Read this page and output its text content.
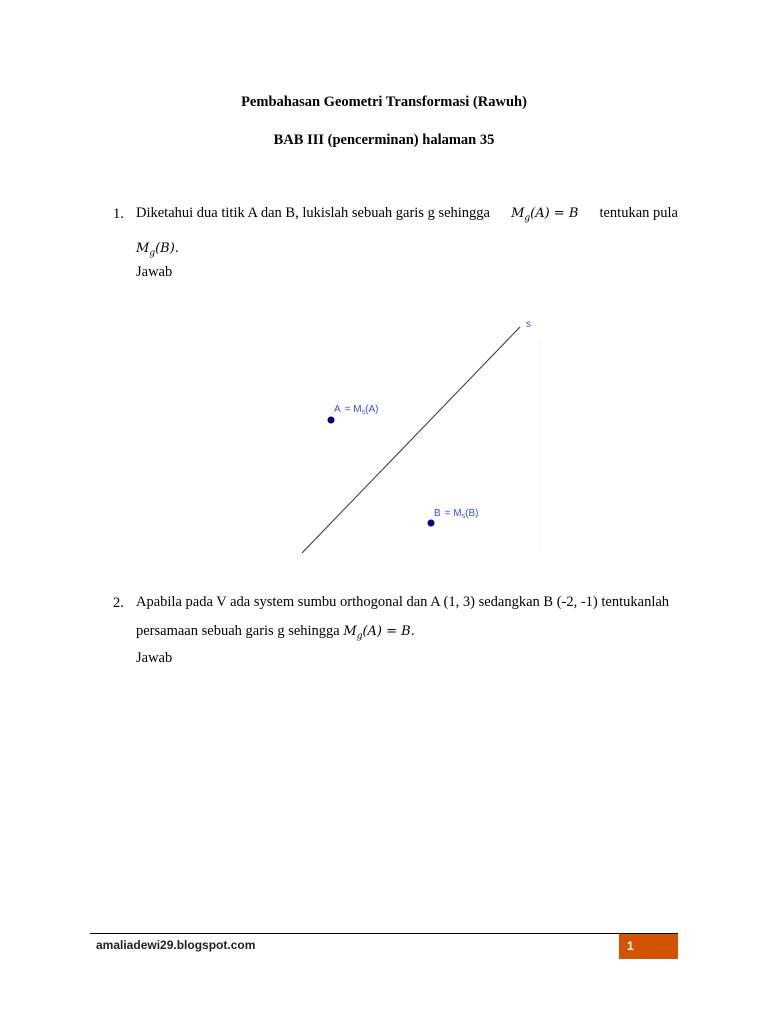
Pembahasan Geometri Transformasi (Rawuh)
BAB III (pencerminan) halaman 35
1. Diketahui dua titik A dan B, lukislah sebuah garis g sehingga $M_g(A) = B$ tentukan pula
$M_g(B)$.
Jawab
s
$A = M_s(A)$
$B = M_s(B)$
2. Apabila pada V ada system sumbu orthogonal dan A (1, 3) sedangkan B (-2, -1) tentukanlah
persamaan sebuah garis g sehingga $M_g(A) = B$.
Jawab
amaliadewi29.blogspot.com	1
